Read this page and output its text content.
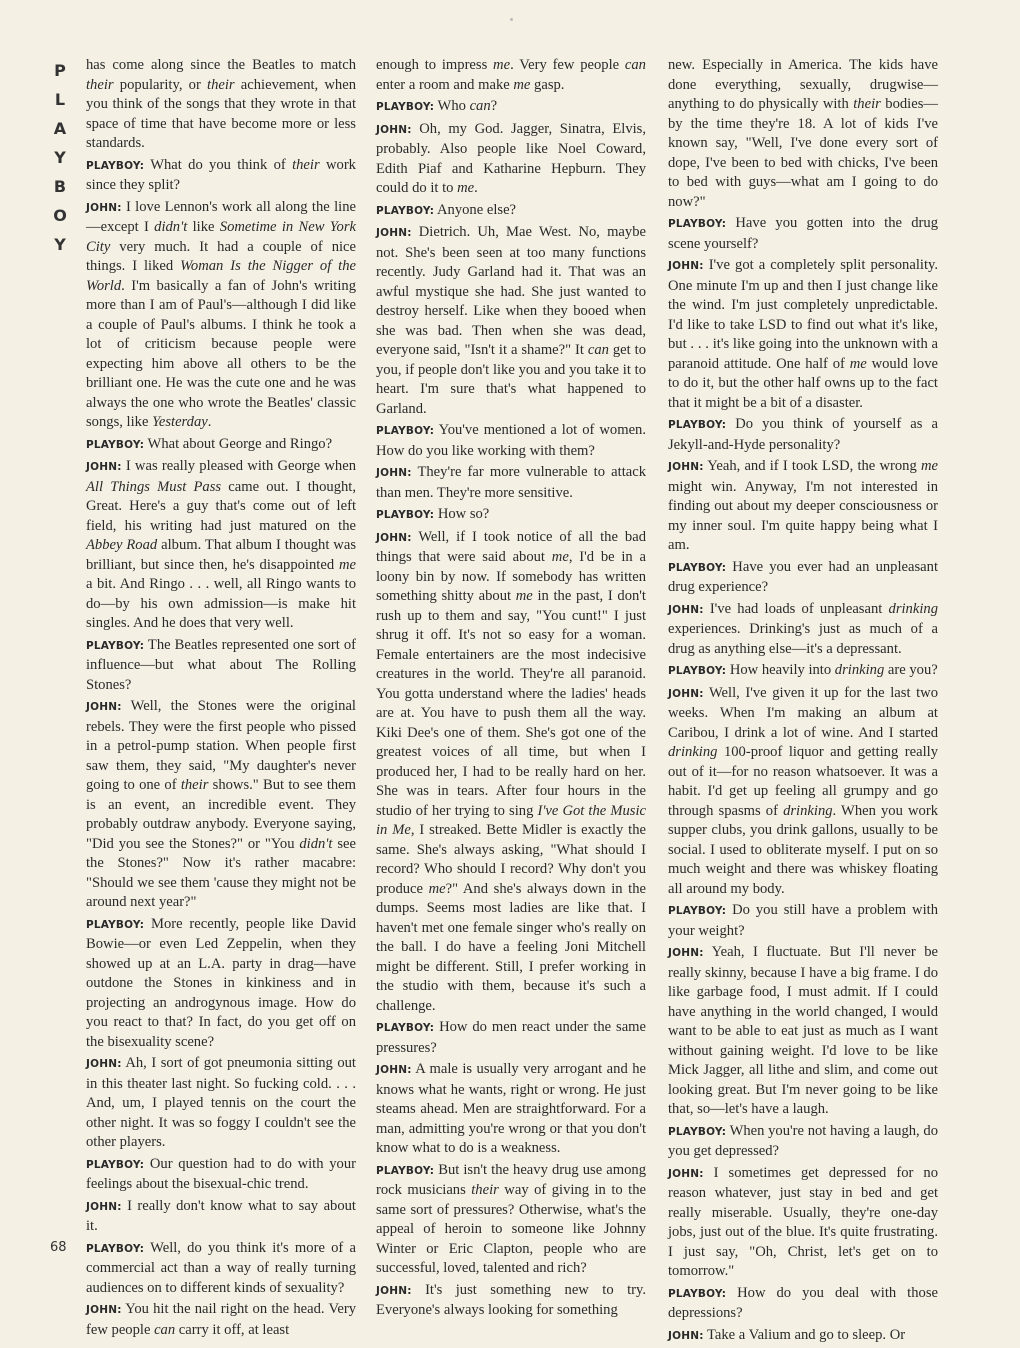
P
L
A
Y
B
O
Y

has come along since the Beatles to match their popularity, or their achievement, when you think of the songs that they wrote in that space of time that have become more or less standards.

PLAYBOY: What do you think of their work since they split?

JOHN: I love Lennon's work all along the line—except I didn't like Sometime in New York City very much. It had a couple of nice things. I liked Woman Is the Nigger of the World. I'm basically a fan of John's writing more than I am of Paul's—although I did like a couple of Paul's albums. I think he took a lot of criticism because people were expecting him above all others to be the brilliant one. He was the cute one and he was always the one who wrote the Beatles' classic songs, like Yesterday.

PLAYBOY: What about George and Ringo?

JOHN: I was really pleased with George when All Things Must Pass came out. I thought, Great. Here's a guy that's come out of left field, his writing had just matured on the Abbey Road album. That album I thought was brilliant, but since then, he's disappointed me a bit. And Ringo . . . well, all Ringo wants to do—by his own admission—is make hit singles. And he does that very well.

PLAYBOY: The Beatles represented one sort of influence—but what about The Rolling Stones?

JOHN: Well, the Stones were the original rebels. They were the first people who pissed in a petrol-pump station. When people first saw them, they said, "My daughter's never going to one of their shows." But to see them is an event, an incredible event. They probably outdraw anybody. Everyone saying, "Did you see the Stones?" or "You didn't see the Stones?" Now it's rather macabre: "Should we see them 'cause they might not be around next year?"

PLAYBOY: More recently, people like David Bowie—or even Led Zeppelin, when they showed up at an L.A. party in drag—have outdone the Stones in kinkiness and in projecting an androgynous image. How do you react to that? In fact, do you get off on the bisexuality scene?

JOHN: Ah, I sort of got pneumonia sitting out in this theater last night. So fucking cold. . . . And, um, I played tennis on the court the other night. It was so foggy I couldn't see the other players.

PLAYBOY: Our question had to do with your feelings about the bisexual-chic trend.

JOHN: I really don't know what to say about it.

PLAYBOY: Well, do you think it's more of a commercial act than a way of really turning audiences on to different kinds of sexuality?

JOHN: You hit the nail right on the head. Very few people can carry it off, at least

enough to impress me. Very few people can enter a room and make me gasp.

PLAYBOY: Who can?

JOHN: Oh, my God. Jagger, Sinatra, Elvis, probably. Also people like Noel Coward, Edith Piaf and Katharine Hepburn. They could do it to me.

PLAYBOY: Anyone else?

JOHN: Dietrich. Uh, Mae West. No, maybe not. She's been seen at too many functions recently. Judy Garland had it. That was an awful mystique she had. She just wanted to destroy herself. Like when they booed when she was bad. Then when she was dead, everyone said, "Isn't it a shame?" It can get to you, if people don't like you and you take it to heart. I'm sure that's what happened to Garland.

PLAYBOY: You've mentioned a lot of women. How do you like working with them?

JOHN: They're far more vulnerable to attack than men. They're more sensitive.

PLAYBOY: How so?

JOHN: Well, if I took notice of all the bad things that were said about me, I'd be in a loony bin by now. If somebody has written something shitty about me in the past, I don't rush up to them and say, "You cunt!" I just shrug it off. It's not so easy for a woman. Female entertainers are the most indecisive creatures in the world. They're all paranoid. You gotta understand where the ladies' heads are at. You have to push them all the way. Kiki Dee's one of them. She's got one of the greatest voices of all time, but when I produced her, I had to be really hard on her. She was in tears. After four hours in the studio of her trying to sing I've Got the Music in Me, I streaked. Bette Midler is exactly the same. She's always asking, "What should I record? Who should I record? Why don't you produce me?" And she's always down in the dumps. Seems most ladies are like that. I haven't met one female singer who's really on the ball. I do have a feeling Joni Mitchell might be different. Still, I prefer working in the studio with them, because it's such a challenge.

PLAYBOY: How do men react under the same pressures?

JOHN: A male is usually very arrogant and he knows what he wants, right or wrong. He just steams ahead. Men are straightforward. For a man, admitting you're wrong or that you don't know what to do is a weakness.

PLAYBOY: But isn't the heavy drug use among rock musicians their way of giving in to the same sort of pressures? Otherwise, what's the appeal of heroin to someone like Johnny Winter or Eric Clapton, people who are successful, loved, talented and rich?

JOHN: It's just something new to try. Everyone's always looking for something

new. Especially in America. The kids have done everything, sexually, drugwise—anything to do physically with their bodies—by the time they're 18. A lot of kids I've known say, "Well, I've done every sort of dope, I've been to bed with chicks, I've been to bed with guys—what am I going to do now?"

PLAYBOY: Have you gotten into the drug scene yourself?

JOHN: I've got a completely split personality. One minute I'm up and then I just change like the wind. I'm just completely unpredictable. I'd like to take LSD to find out what it's like, but . . . it's like going into the unknown with a paranoid attitude. One half of me would love to do it, but the other half owns up to the fact that it might be a bit of a disaster.

PLAYBOY: Do you think of yourself as a Jekyll-and-Hyde personality?

JOHN: Yeah, and if I took LSD, the wrong me might win. Anyway, I'm not interested in finding out about my deeper consciousness or my inner soul. I'm quite happy being what I am.

PLAYBOY: Have you ever had an unpleasant drug experience?

JOHN: I've had loads of unpleasant drinking experiences. Drinking's just as much of a drug as anything else—it's a depressant.

PLAYBOY: How heavily into drinking are you?

JOHN: Well, I've given it up for the last two weeks. When I'm making an album at Caribou, I drink a lot of wine. And I started drinking 100-proof liquor and getting really out of it—for no reason whatsoever. It was a habit. I'd get up feeling all grumpy and go through spasms of drinking. When you work supper clubs, you drink gallons, usually to be social. I used to obliterate myself. I put on so much weight and there was whiskey floating all around my body.

PLAYBOY: Do you still have a problem with your weight?

JOHN: Yeah, I fluctuate. But I'll never be really skinny, because I have a big frame. I do like garbage food, I must admit. If I could have anything in the world changed, I would want to be able to eat just as much as I want without gaining weight. I'd love to be like Mick Jagger, all lithe and slim, and come out looking great. But I'm never going to be like that, so—let's have a laugh.

PLAYBOY: When you're not having a laugh, do you get depressed?

JOHN: I sometimes get depressed for no reason whatever, just stay in bed and get really miserable. Usually, they're one-day jobs, just out of the blue. It's quite frustrating. I just say, "Oh, Christ, let's get on to tomorrow."

PLAYBOY: How do you deal with those depressions?

JOHN: Take a Valium and go to sleep. Or

68
